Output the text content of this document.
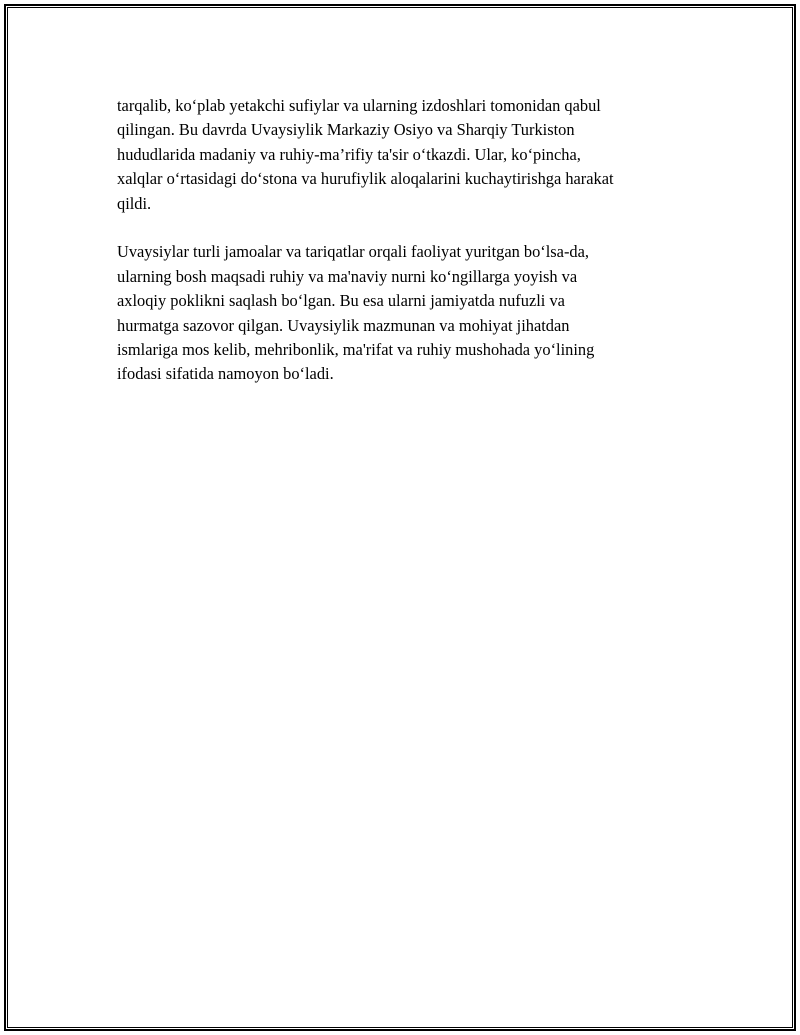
tarqalib, ko‘plab yetakchi sufiylar va ularning izdoshlari tomonidan qabul
qilingan. Bu davrda Uvaysiylik Markaziy Osiyo va Sharqiy Turkiston
hududlarida madaniy va ruhiy-ma’rifiy ta'sir o‘tkazdi. Ular, ko‘pincha,
xalqlar o‘rtasidagi do‘stona va hurufiylik aloqalarini kuchaytirishga harakat
qildi.

Uvaysiylar turli jamoalar va tariqatlar orqali faoliyat yuritgan bo‘lsa-da,
ularning bosh maqsadi ruhiy va ma'naviy nurni ko‘ngillarga yoyish va
axloqiy poklikni saqlash bo‘lgan. Bu esa ularni jamiyatda nufuzli va
hurmatga sazovor qilgan. Uvaysiylik mazmunan va mohiyat jihatdan
ismlariga mos kelib, mehribonlik, ma'rifat va ruhiy mushohada yo‘lining
ifodasi sifatida namoyon bo‘ladi.
